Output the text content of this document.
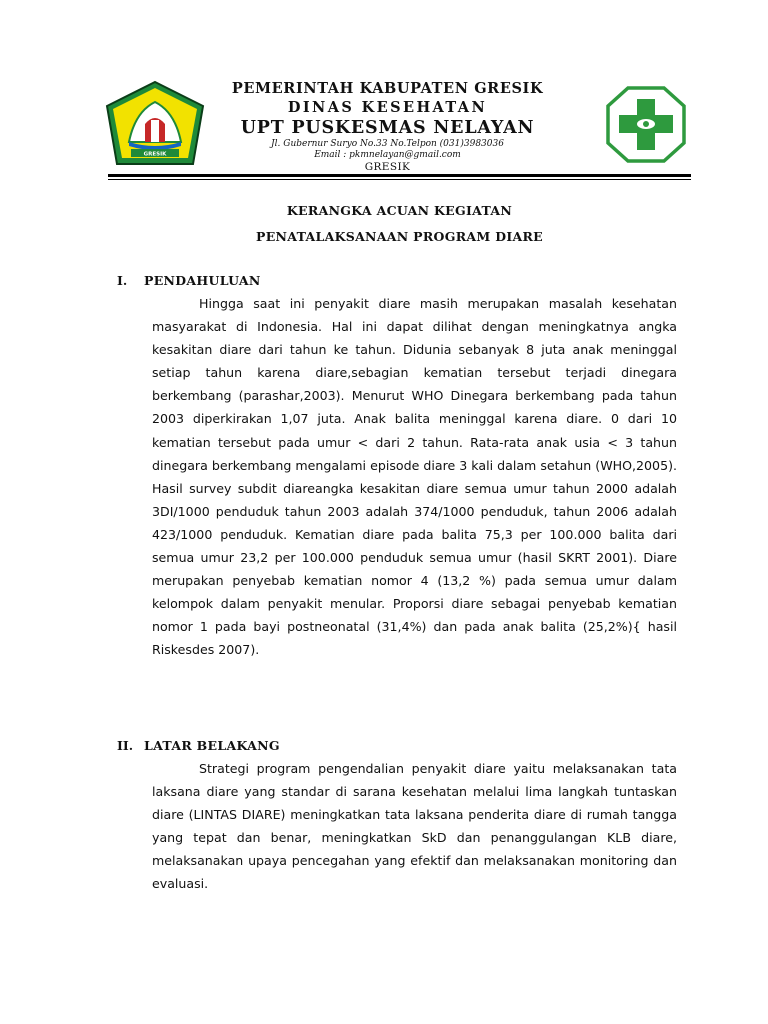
GRESIK
PEMERINTAH KABUPATEN GRESIK
DINAS KESEHATAN
UPT PUSKESMAS NELAYAN
Jl. Gubernur Suryo No.33 No.Telpon (031)3983036
Email : pkmnelayan@gmail.com
GRESIK
KERANGKA ACUAN KEGIATAN
PENATALAKSANAAN PROGRAM DIARE
I. PENDAHULUAN
Hingga saat ini penyakit diare masih merupakan masalah kesehatan masyarakat di Indonesia. Hal ini dapat dilihat dengan meningkatnya angka kesakitan diare dari tahun ke tahun. Didunia sebanyak 8 juta anak meninggal setiap tahun karena diare,sebagian kematian tersebut terjadi dinegara berkembang (parashar,2003). Menurut WHO Dinegara berkembang pada tahun 2003 diperkirakan 1,07 juta. Anak balita meninggal karena diare. 0 dari 10 kematian tersebut pada umur < dari 2 tahun. Rata-rata anak usia < 3 tahun dinegara berkembang mengalami episode diare 3 kali dalam setahun (WHO,2005). Hasil survey subdit diareangka kesakitan diare semua umur tahun 2000 adalah 3DI/1000 penduduk tahun 2003 adalah 374/1000 penduduk, tahun 2006 adalah 423/1000 penduduk. Kematian diare pada balita 75,3 per 100.000 balita dari semua umur 23,2 per 100.000 penduduk semua umur (hasil SKRT 2001). Diare merupakan penyebab kematian nomor 4 (13,2 %) pada semua umur dalam kelompok dalam penyakit menular. Proporsi diare sebagai penyebab kematian nomor 1 pada bayi postneonatal (31,4%) dan pada anak balita (25,2%){ hasil Riskesdes 2007).
II. LATAR BELAKANG
Strategi program pengendalian penyakit diare yaitu melaksanakan tata laksana diare yang standar di sarana kesehatan melalui lima langkah tuntaskan diare (LINTAS DIARE) meningkatkan tata laksana penderita diare di rumah tangga yang tepat dan benar, meningkatkan SkD dan penanggulangan KLB diare, melaksanakan upaya pencegahan yang efektif dan melaksanakan monitoring dan evaluasi.
